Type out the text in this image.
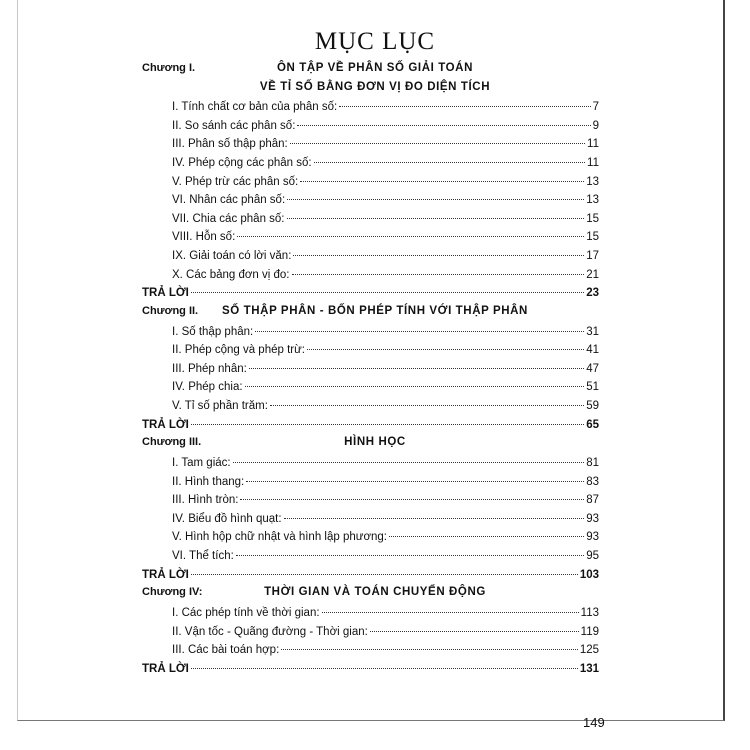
MỤC LỤC
Chương I.	ÔN TẬP VỀ PHÂN SỐ GIẢI TOÁN
VỀ TỈ SỐ BẰNG ĐƠN VỊ ĐO DIỆN TÍCH
I. Tính chất cơ bản của phân số:	7
II. So sánh các phân số:	9
III. Phân số thập phân:	11
IV. Phép cộng các phân số:	11
V. Phép trừ các phân số:	13
VI. Nhân các phân số:	13
VII. Chia các phân số:	15
VIII. Hỗn số:	15
IX. Giải toán có lời văn:	17
X. Các bảng đơn vị đo:	21
TRẢ LỜI	23
Chương II.	SỐ THẬP PHÂN - BỐN PHÉP TÍNH VỚI THẬP PHÂN
I. Số thập phân:	31
II. Phép cộng và phép trừ:	41
III. Phép nhân:	47
IV. Phép chia:	51
V. Tỉ số phần trăm:	59
TRẢ LỜI	65
Chương III.	HÌNH HỌC
I. Tam giác:	81
II. Hình thang:	83
III. Hình tròn:	87
IV. Biểu đồ hình quạt:	93
V. Hình hộp chữ nhật và hình lập phương:	93
VI. Thể tích:	95
TRẢ LỜI	103
Chương IV:	THỜI GIAN VÀ TOÁN CHUYỂN ĐỘNG
I. Các phép tính về thời gian:	113
II. Vận tốc - Quãng đường - Thời gian:	119
III. Các bài toán hợp:	125
TRẢ LỜI	131
149
